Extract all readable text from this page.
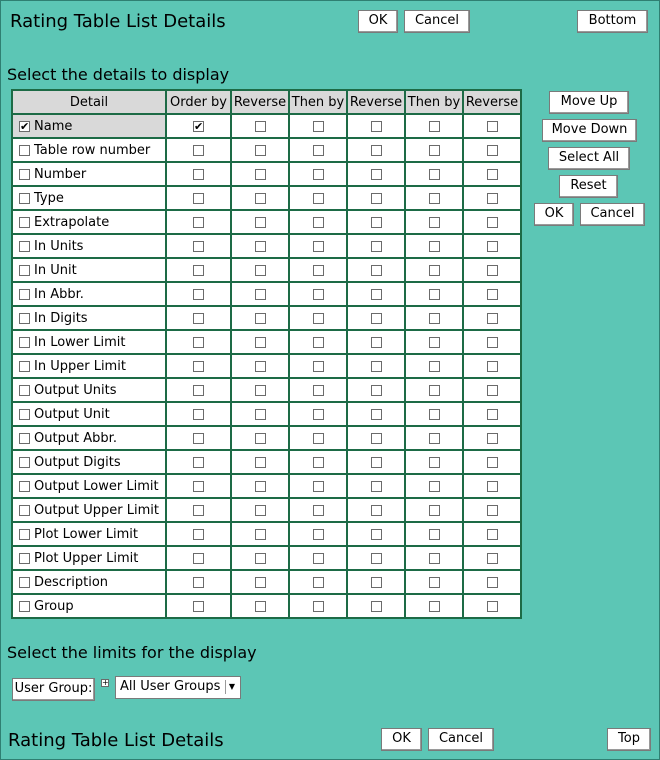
Rating Table List Details	OK	Cancel	Bottom
Select the details to display
Detail	Order by	Reverse	Then by	Reverse	Then by	Reverse
✔Name	✔					
Table row number						
Number						
Type						
Extrapolate						
In Units						
In Unit						
In Abbr.						
In Digits						
In Lower Limit						
In Upper Limit						
Output Units						
Output Unit						
Output Abbr.						
Output Digits						
Output Lower Limit						
Output Upper Limit						
Plot Lower Limit						
Plot Upper Limit						
Description						
Group						
Move Up
Move Down
Select All
Reset
OK	Cancel
Select the limits for the display
User Group:	+ All User Groups	▼
Rating Table List Details	OK	Cancel	Top
